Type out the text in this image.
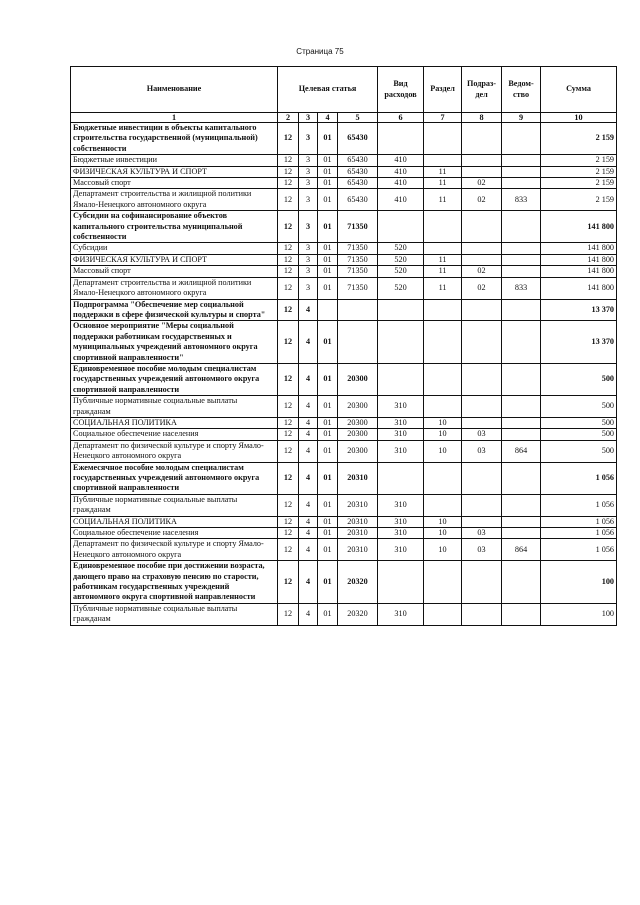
Страница 75
Наименование	Целевая статья				Вид расходов	Раздел	Подраз-дел	Ведом-ство	Сумма
1	2	3	4	5	6	7	8	9	10
Бюджетные инвестиции в объекты капитального строительства государственной (муниципальной) собственности	12	3	01	65430					2 159
Бюджетные инвестиции	12	3	01	65430	410				2 159
ФИЗИЧЕСКАЯ КУЛЬТУРА И СПОРТ	12	3	01	65430	410	11			2 159
Массовый спорт	12	3	01	65430	410	11	02		2 159
Департамент строительства и жилищной политики Ямало-Ненецкого автономного округа	12	3	01	65430	410	11	02	833	2 159
Субсидии на софинансирование объектов капитального строительства муниципальной собственности	12	3	01	71350					141 800
Субсидии	12	3	01	71350	520				141 800
ФИЗИЧЕСКАЯ КУЛЬТУРА И СПОРТ	12	3	01	71350	520	11			141 800
Массовый спорт	12	3	01	71350	520	11	02		141 800
Департамент строительства и жилищной политики Ямало-Ненецкого автономного округа	12	3	01	71350	520	11	02	833	141 800
Подпрограмма "Обеспечение мер социальной поддержки в сфере физической культуры и спорта"	12	4							13 370
Основное мероприятие "Меры социальной поддержки работникам государственных и муниципальных учреждений автономного округа спортивной направленности"	12	4	01						13 370
Единовременное пособие молодым специалистам государственных учреждений автономного округа спортивной направленности	12	4	01	20300					500
Публичные нормативные социальные выплаты гражданам	12	4	01	20300	310				500
СОЦИАЛЬНАЯ ПОЛИТИКА	12	4	01	20300	310	10			500
Социальное обеспечение населения	12	4	01	20300	310	10	03		500
Департамент по физической культуре и спорту Ямало-Ненецкого автономного округа	12	4	01	20300	310	10	03	864	500
Ежемесячное пособие молодым специалистам государственных учреждений автономного округа спортивной направленности	12	4	01	20310					1 056
Публичные нормативные социальные выплаты гражданам	12	4	01	20310	310				1 056
СОЦИАЛЬНАЯ ПОЛИТИКА	12	4	01	20310	310	10			1 056
Социальное обеспечение населения	12	4	01	20310	310	10	03		1 056
Департамент по физической культуре и спорту Ямало-Ненецкого автономного округа	12	4	01	20310	310	10	03	864	1 056
Единовременное пособие при достижении возраста, дающего право на страховую пенсию по старости, работникам государственных учреждений автономного округа спортивной направленности	12	4	01	20320					100
Публичные нормативные социальные выплаты гражданам	12	4	01	20320	310				100
